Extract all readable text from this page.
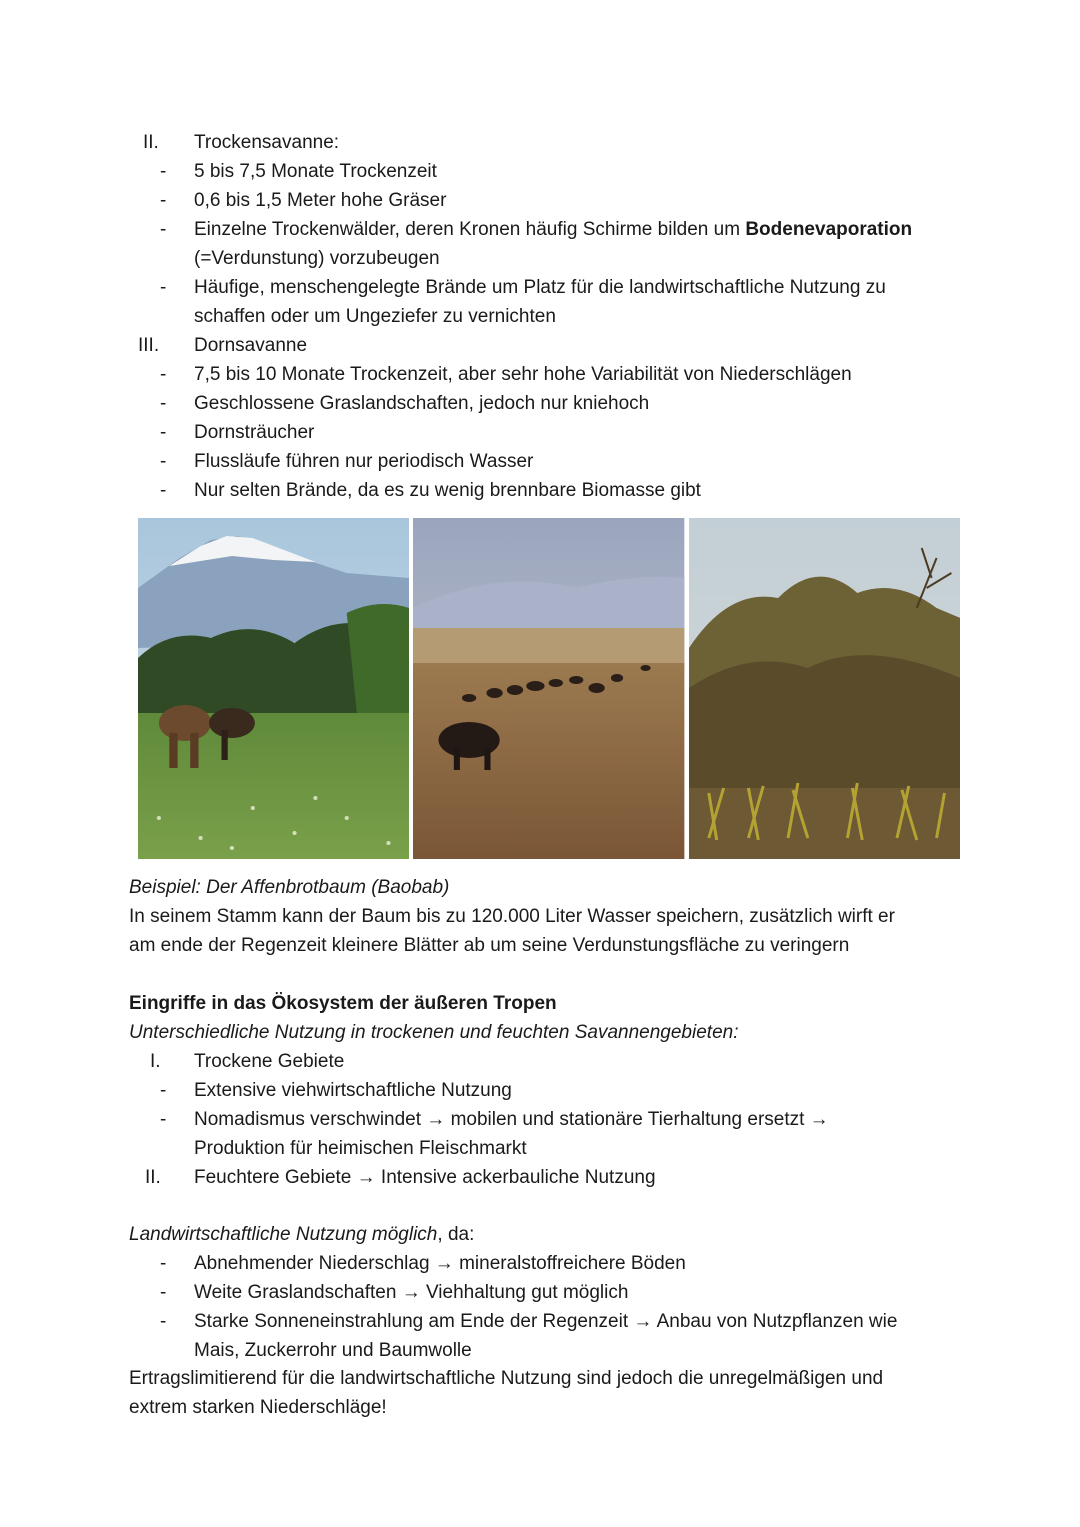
II. Trockensavanne:
- 5 bis 7,5 Monate Trockenzeit
- 0,6 bis 1,5 Meter hohe Gräser
- Einzelne Trockenwälder, deren Kronen häufig Schirme bilden um Bodenevaporation
(=Verdunstung) vorzubeugen
- Häufige, menschengelegte Brände um Platz für die landwirtschaftliche Nutzung zu
schaffen oder um Ungeziefer zu vernichten
III. Dornsavanne
- 7,5 bis 10 Monate Trockenzeit, aber sehr hohe Variabilität von Niederschlägen
- Geschlossene Graslandschaften, jedoch nur kniehoch
- Dornsträucher
- Flussläufe führen nur periodisch Wasser
- Nur selten Brände, da es zu wenig brennbare Biomasse gibt
Beispiel: Der Affenbrotbaum (Baobab)
In seinem Stamm kann der Baum bis zu 120.000 Liter Wasser speichern, zusätzlich wirft er
am ende der Regenzeit kleinere Blätter ab um seine Verdunstungsfläche zu veringern
Eingriffe in das Ökosystem der äußeren Tropen
Unterschiedliche Nutzung in trockenen und feuchten Savannengebieten:
I. Trockene Gebiete
- Extensive viehwirtschaftliche Nutzung
- Nomadismus verschwindet → mobilen und stationäre Tierhaltung ersetzt →
Produktion für heimischen Fleischmarkt
II. Feuchtere Gebiete → Intensive ackerbauliche Nutzung
Landwirtschaftliche Nutzung möglich, da:
- Abnehmender Niederschlag → mineralstoffreichere Böden
- Weite Graslandschaften → Viehhaltung gut möglich
- Starke Sonneneinstrahlung am Ende der Regenzeit → Anbau von Nutzpflanzen wie
Mais, Zuckerrohr und Baumwolle
Ertragslimitierend für die landwirtschaftliche Nutzung sind jedoch die unregelmäßigen und
extrem starken Niederschläge!
